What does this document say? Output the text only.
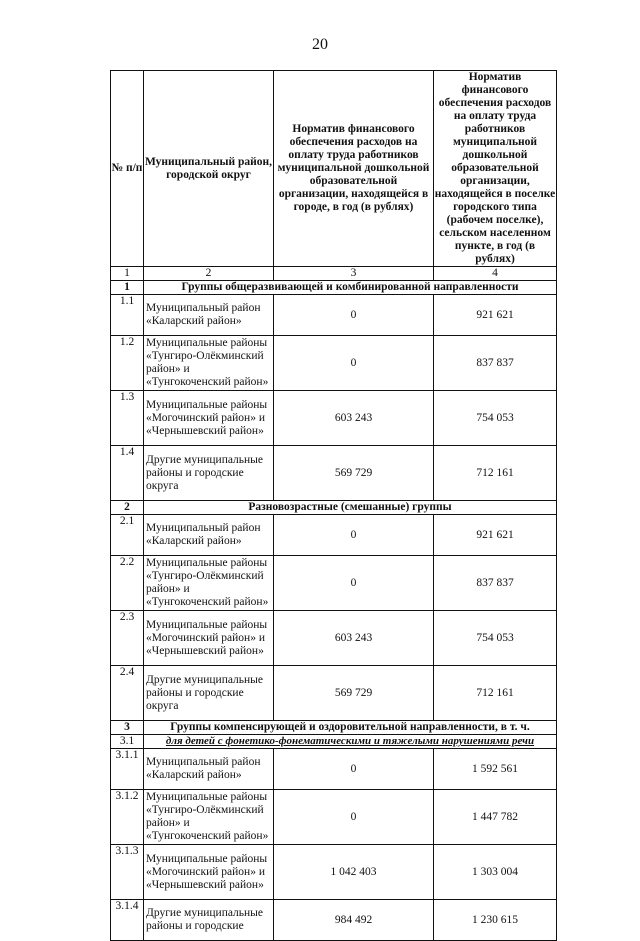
20
№ п/п	Муниципальный район, городской округ	Норматив финансового обеспечения расходов на оплату труда работников муниципальной дошкольной образовательной организации, находящейся в городе, в год (в рублях)	Норматив финансового обеспечения расходов на оплату труда работников муниципальной дошкольной образовательной организации, находящейся в поселке городского типа (рабочем поселке), сельском населенном пункте, в год (в рублях)
1	2	3	4
1	Группы общеразвивающей и комбинированной направленности		
1.1	Муниципальный район «Каларский район»	0	921 621
1.2	Муниципальные районы «Тунгиро-Олёкминский район» и «Тунгокоченский район»	0	837 837
1.3	Муниципальные районы «Могочинский район» и «Чернышевский район»	603 243	754 053
1.4	Другие муниципальные районы и городские округа	569 729	712 161
2	Разновозрастные (смешанные) группы		
2.1	Муниципальный район «Каларский район»	0	921 621
2.2	Муниципальные районы «Тунгиро-Олёкминский район» и «Тунгокоченский район»	0	837 837
2.3	Муниципальные районы «Могочинский район» и «Чернышевский район»	603 243	754 053
2.4	Другие муниципальные районы и городские округа	569 729	712 161
3	Группы компенсирующей и оздоровительной направленности, в т. ч.		
3.1	для детей с фонетико-фонематическими и тяжелыми нарушениями речи		
3.1.1	Муниципальный район «Каларский район»	0	1 592 561
3.1.2	Муниципальные районы «Тунгиро-Олёкминский район» и «Тунгокоченский район»	0	1 447 782
3.1.3	Муниципальные районы «Могочинский район» и «Чернышевский район»	1 042 403	1 303 004
3.1.4	Другие муниципальные районы и городские	984 492	1 230 615
